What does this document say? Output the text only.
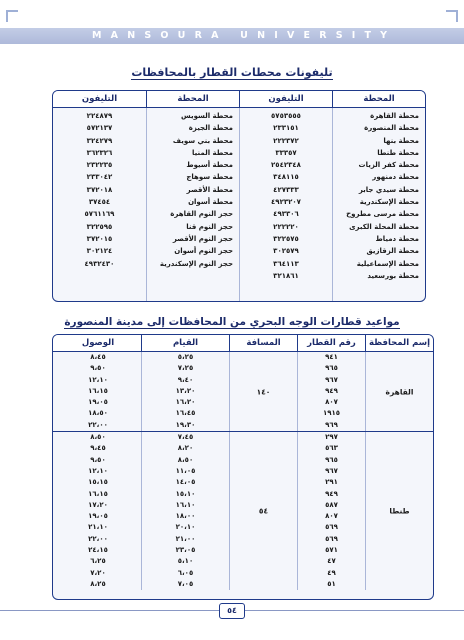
MANSOURA UNIVERSITY
تليفونات محطات القطار بالمحافظات
المحطة
التليفون
المحطة
التليفون
محطة القاهرة
محطة المنصورة
محطة بنها
محطة طنطا
محطة كفر الزيات
محطة دمنهور
محطة سيدي جابر
محطة الإسكندرية
محطة مرسى مطروح
محطة المحلة الكبرى
محطة دمياط
محطة الزقازيق
محطة الإسماعيلية
محطة بورسعيد
٥٧٥٣٥٥٥
٢٣٣١٥١
٢٢٢٣٧٢
٣٣٣٥٧
٢٥٤٢٣٤٨
٣٤٨١١٥
٤٢٧٣٣٣
٤٩٢٣٢٠٧
٤٩٣٣٠٦
٢٢٢٢٢٠
٣٢٢٥٧٥
٣٠٢٥٧٩
٣٦٤١١٣
٣٢١٨٦١
محطة السويس
محطة الجيزة
محطة بني سويف
محطة المنيا
محطة أسيوط
محطة سوهاج
محطة الأقصر
محطة أسوان
حجز النوم القاهرة
حجز النوم قنا
حجز النوم الأقصر
حجز النوم أسوان
حجز النوم الإسكندرية
٢٢٤٨٧٩
٥٧٢١٣٧
٣٢٤٢٧٩
٣٦٢٣٢٦
٢٣٢٢٣٥
٢٣٣٠٤٢
٣٧٢٠١٨
٣٧٤٥٤
٥٧٦١١٦٩
٣٢٢٥٩٥
٣٧٢٠١٥
٣٠٢١٢٤
٤٩٣٢٤٣٠
مواعيد قطارات الوجه البحري من المحافظات إلى مدينة المنصورة
إسم المحافظة
رقم القطار
المسافة
القيام
الوصول
القاهرة
٩٤١
٩٦٥
٩٦٧
٩٤٩
٨٠٧
١٩١٥
٩٦٩
١٤٠
٥،٢٥
٧،٢٥
٩،٤٠
١٣،٢٠
١٦،٢٠
١٦،٤٥
١٩،٣٠
٨،٤٥
٩،٥٠
١٢،١٠
١٦،١٥
١٩،٠٥
١٨،٥٠
٢٢،٠٠
طنطا
٢٩٧
٥٦٣
٩٦٥
٩٦٧
٢٩١
٩٤٩
٥٨٧
٨٠٧
٥٦٩
٥٦٩
٥٧١
٤٧
٤٩
٥١
٥٤
٧،٤٥
٨،٢٠
٨،٥٠
١١،٠٥
١٤،٠٥
١٥،١٠
١٦،١٠
١٨،٠٠
٢٠،١٠
٢١،٠٠
٢٣،٠٥
٥،١٠
٦،٠٥
٧،٠٥
٨،٥٠
٩،٤٥
٩،٥٠
١٢،١٠
١٥،١٥
١٦،١٥
١٧،٢٠
١٩،٠٥
٢١،١٠
٢٢،٠٠
٢٤،١٥
٦،٢٥
٧،٢٠
٨،٢٥
٥٤
